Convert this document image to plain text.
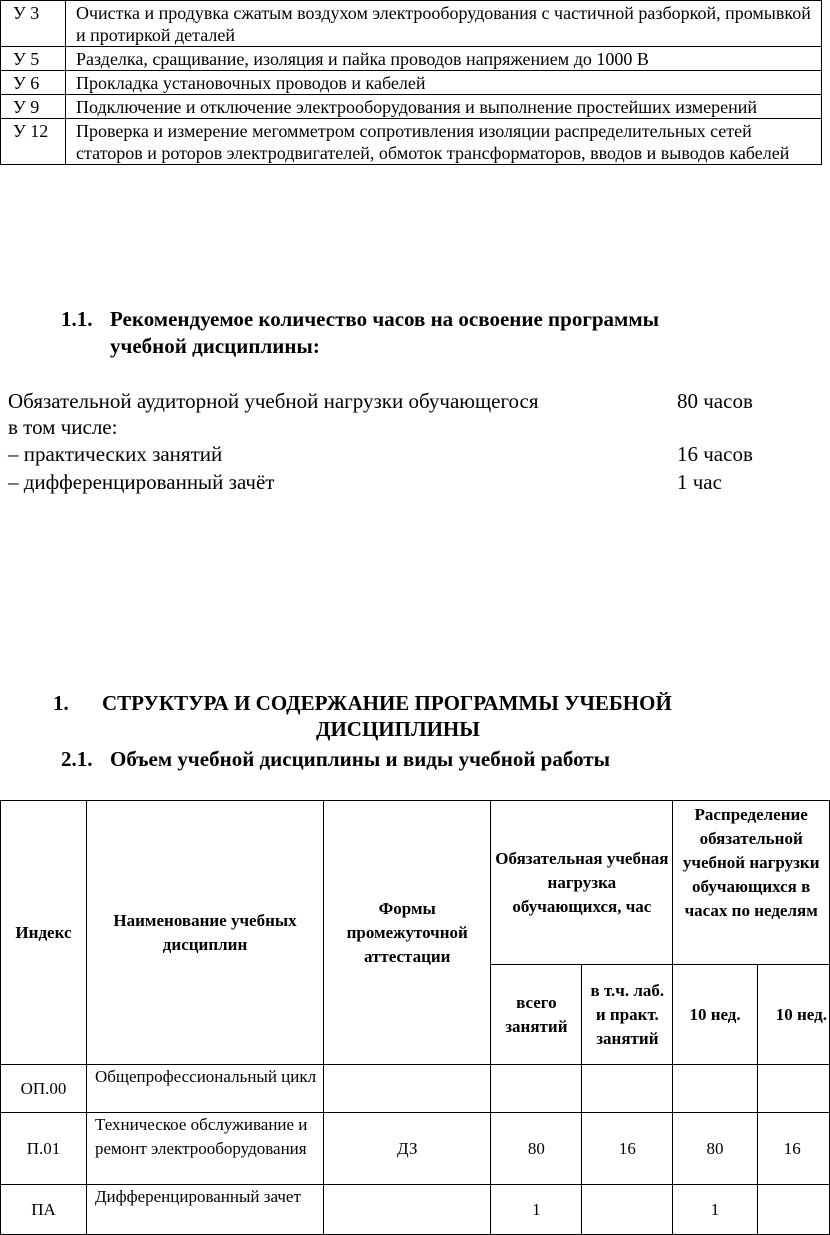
У 3	Очистка и продувка сжатым воздухом электрооборудования с частичной разборкой, промывкой и протиркой деталей
У 5	Разделка, сращивание, изоляция и пайка проводов напряжением до 1000 В
У 6	Прокладка установочных проводов и кабелей
У 9	Подключение и отключение электрооборудования и выполнение простейших измерений
У 12	Проверка и измерение мегомметром сопротивления изоляции распределительных сетей статоров и роторов электродвигателей, обмоток трансформаторов, вводов и выводов кабелей
1.1. Рекомендуемое количество часов на освоение программы
учебной дисциплины:
Обязательной аудиторной учебной нагрузки обучающегося	80 часов
в том числе:
– практических занятий	16 часов
– дифференцированный зачёт	1 час
1. СТРУКТУРА И СОДЕРЖАНИЕ ПРОГРАММЫ УЧЕБНОЙ
ДИСЦИПЛИНЫ
2.1. Объем учебной дисциплины и виды учебной работы
Индекс	Наименование учебных дисциплин	Формы промежуточной аттестации	Обязательная учебная нагрузка обучающихся, час		Распределение обязательной учебной нагрузки обучающихся в часах по неделям	
			всего занятий	в т.ч. лаб. и практ. занятий	10 нед.	10 нед.
ОП.00	Общепрофессиональный цикл					
П.01	Техническое обслуживание и ремонт электрооборудования	ДЗ	80	16	80	16
ПА	Дифференцированный зачет		1		1	
